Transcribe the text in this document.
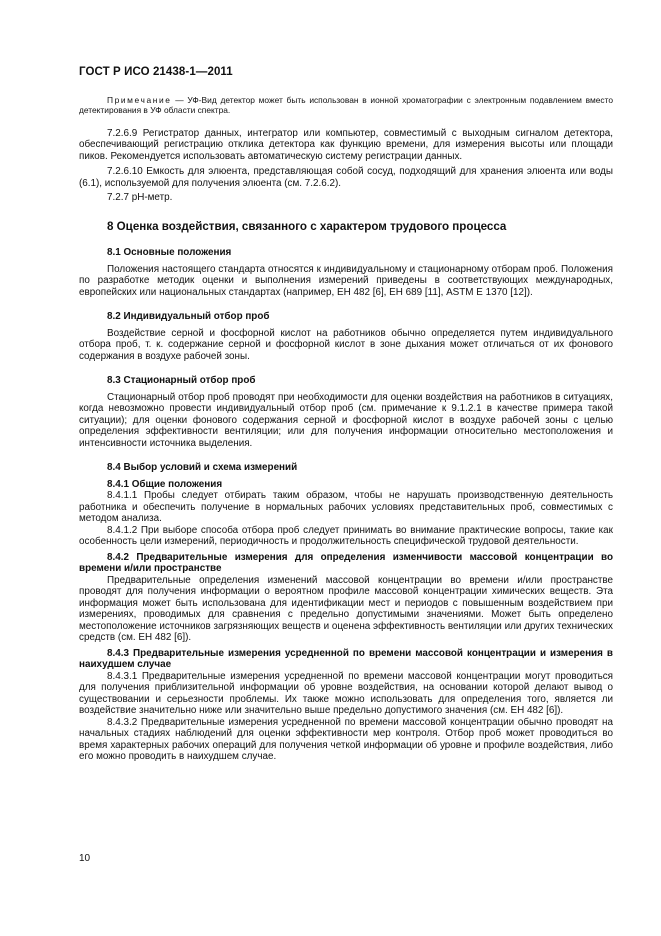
ГОСТ Р ИСО 21438-1—2011

Примечание — УФ-Вид детектор может быть использован в ионной хроматографии с электронным подавлением вместо детектирования в УФ области спектра.

7.2.6.9 Регистратор данных, интегратор или компьютер, совместимый с выходным сигналом детектора, обеспечивающий регистрацию отклика детектора как функцию времени, для измерения высоты или площади пиков. Рекомендуется использовать автоматическую систему регистрации данных.

7.2.6.10 Емкость для элюента, представляющая собой сосуд, подходящий для хранения элюента или воды (6.1), используемой для получения элюента (см. 7.2.6.2).

7.2.7 pH-метр.

8 Оценка воздействия, связанного с характером трудового процесса
8.1 Основные положения

Положения настоящего стандарта относятся к индивидуальному и стационарному отборам проб. Положения по разработке методик оценки и выполнения измерений приведены в соответствующих международных, европейских или национальных стандартах (например, ЕН 482 [6], ЕН 689 [11], ASTM E 1370 [12]).

8.2 Индивидуальный отбор проб

Воздействие серной и фосфорной кислот на работников обычно определяется путем индивидуального отбора проб, т. к. содержание серной и фосфорной кислот в зоне дыхания может отличаться от их фонового содержания в воздухе рабочей зоны.

8.3 Стационарный отбор проб

Стационарный отбор проб проводят при необходимости для оценки воздействия на работников в ситуациях, когда невозможно провести индивидуальный отбор проб (см. примечание к 9.1.2.1 в качестве примера такой ситуации); для оценки фонового содержания серной и фосфорной кислот в воздухе рабочей зоны с целью определения эффективности вентиляции; или для получения информации относительно местоположения и интенсивности источника выделения.

8.4 Выбор условий и схема измерений
8.4.1 Общие положения

8.4.1.1 Пробы следует отбирать таким образом, чтобы не нарушать производственную деятельность работника и обеспечить получение в нормальных рабочих условиях представительных проб, совместимых с методом анализа.

8.4.1.2 При выборе способа отбора проб следует принимать во внимание практические вопросы, такие как особенность цели измерений, периодичность и продолжительность специфической трудовой деятельности.

8.4.2 Предварительные измерения для определения изменчивости массовой концентрации во времени и/или пространстве

Предварительные определения изменений массовой концентрации во времени и/или пространстве проводят для получения информации о вероятном профиле массовой концентрации химических веществ. Эта информация может быть использована для идентификации мест и периодов с повышенным воздействием при измерениях, проводимых для сравнения с предельно допустимыми значениями. Может быть определено местоположение источников загрязняющих веществ и оценена эффективность вентиляции или других технических средств (см. ЕН 482 [6]).

8.4.3 Предварительные измерения усредненной по времени массовой концентрации и измерения в наихудшем случае

8.4.3.1 Предварительные измерения усредненной по времени массовой концентрации могут проводиться для получения приблизительной информации об уровне воздействия, на основании которой делают вывод о существовании и серьезности проблемы. Их также можно использовать для определения того, является ли воздействие значительно ниже или значительно выше предельно допустимого значения (см. ЕН 482 [6]).

8.4.3.2 Предварительные измерения усредненной по времени массовой концентрации обычно проводят на начальных стадиях наблюдений для оценки эффективности мер контроля. Отбор проб может проводиться во время характерных рабочих операций для получения четкой информации об уровне и профиле воздействия, либо его можно проводить в наихудшем случае.

10
